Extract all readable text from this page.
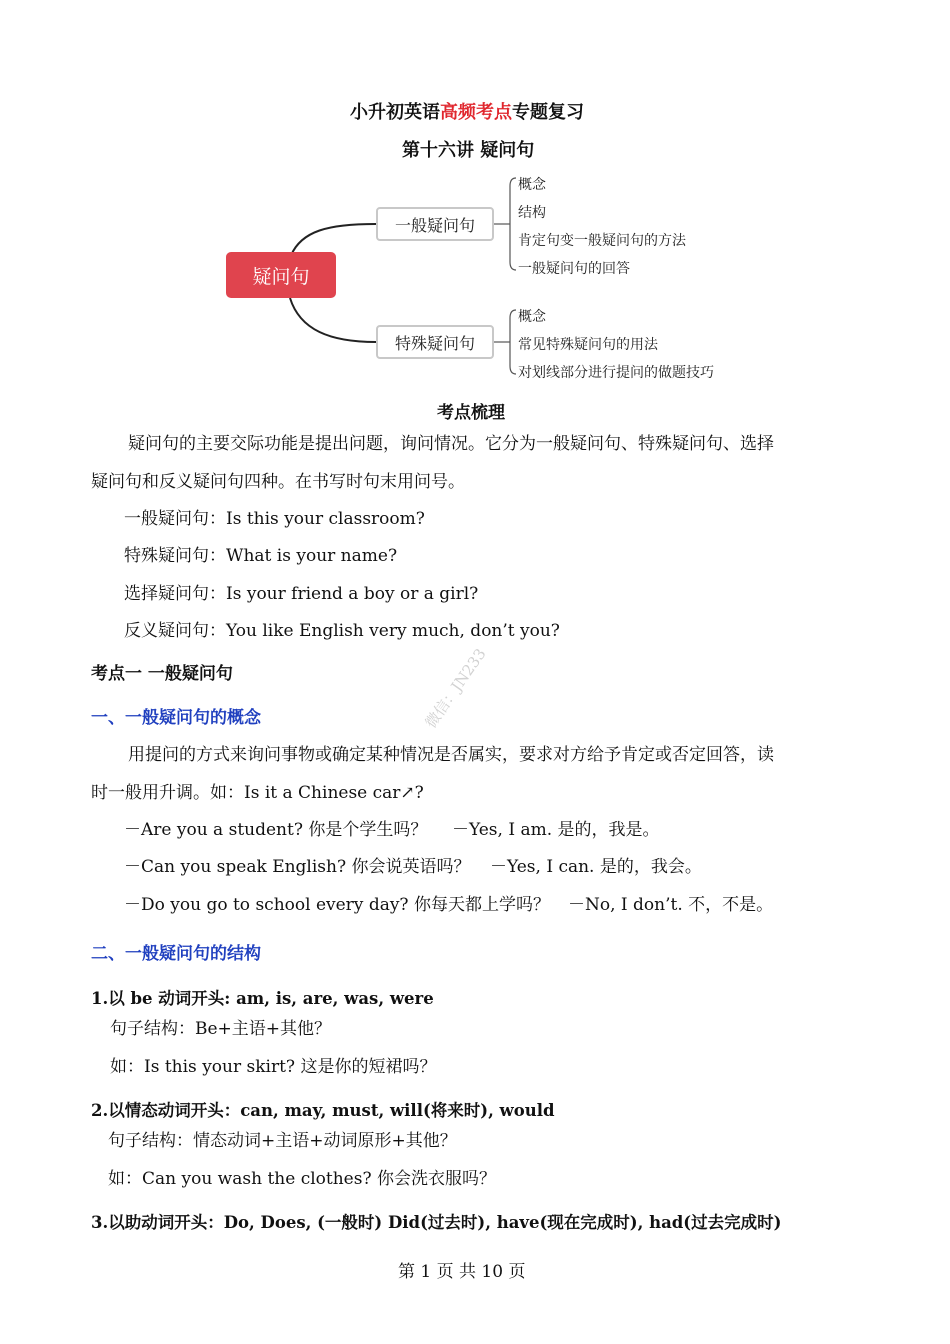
小升初英语高频考点专题复习
第十六讲 疑问句
疑问句
一般疑问句
特殊疑问句
概念
结构
肯定句变一般疑问句的方法
一般疑问句的回答
概念
常见特殊疑问句的用法
对划线部分进行提问的做题技巧
考点梳理
疑问句的主要交际功能是提出问题，询问情况。它分为一般疑问句、特殊疑问句、选择
疑问句和反义疑问句四种。在书写时句末用问号。
一般疑问句：Is this your classroom?
特殊疑问句：What is your name?
选择疑问句：Is your friend a boy or a girl?
反义疑问句：You like English very much, don’t you?
微信：JN233
考点一 一般疑问句
一、一般疑问句的概念
用提问的方式来询问事物或确定某种情况是否属实，要求对方给予肯定或否定回答，读
时一般用升调。如：Is it a Chinese car↗?
－Are you a student? 你是个学生吗？ －Yes, I am. 是的，我是。
－Can you speak English? 你会说英语吗？ －Yes, I can. 是的，我会。
－Do you go to school every day? 你每天都上学吗？ －No, I don’t. 不，不是。
二、一般疑问句的结构
1.以 be 动词开头: am, is, are, was, were
句子结构：Be+主语+其他？
如：Is this your skirt? 这是你的短裙吗？
2.以情态动词开头：can, may, must, will(将来时), would
句子结构：情态动词+主语+动词原形+其他？
如：Can you wash the clothes? 你会洗衣服吗？
3.以助动词开头：Do, Does, (一般时) Did(过去时), have(现在完成时), had(过去完成时)
第 1 页 共 10 页
